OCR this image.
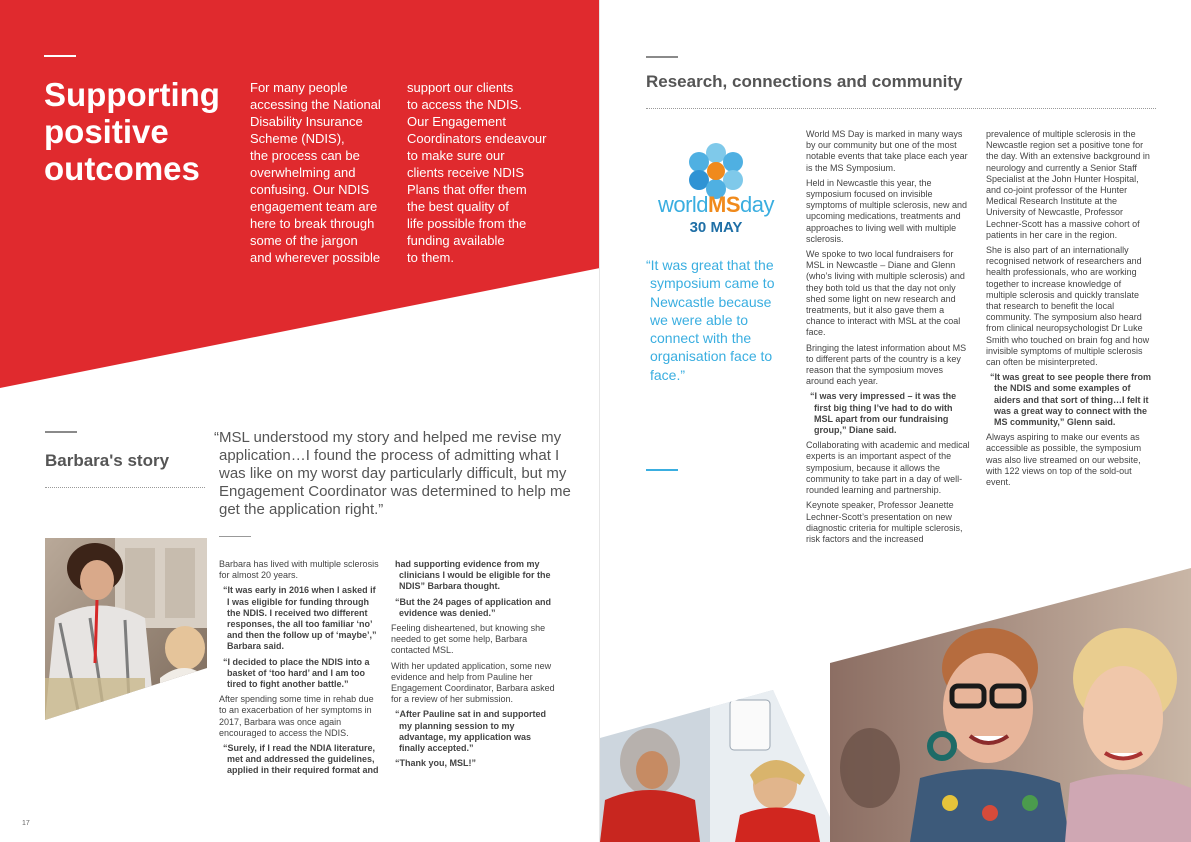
Supporting positive outcomes
For many people
accessing the National
Disability Insurance
Scheme (NDIS),
the process can be
overwhelming and
confusing. Our NDIS
engagement team are
here to break through
some of the jargon
and wherever possible
support our clients
to access the NDIS.
Our Engagement
Coordinators endeavour
to make sure our
clients receive NDIS
Plans that offer them
the best quality of
life possible from the
funding available
to them.
Barbara's story
“MSL understood my story and helped me revise my application…I found the process of admitting what I was like on my worst day particularly difficult, but my Engagement Coordinator was determined to help me get the application right.”

Barbara has lived with multiple sclerosis for almost 20 years.

“It was early in 2016 when I asked if I was eligible for funding through the NDIS. I received two different responses, the all too familiar ‘no’ and then the follow up of ‘maybe’,” Barbara said.

“I decided to place the NDIS into a basket of ‘too hard’ and I am too tired to fight another battle.”

After spending some time in rehab due to an exacerbation of her symptoms in 2017, Barbara was once again encouraged to access the NDIS.

“Surely, if I read the NDIA literature, met and addressed the guidelines, applied in their required format and

had supporting evidence from my clinicians I would be eligible for the NDIS” Barbara thought.

“But the 24 pages of application and evidence was denied.”

Feeling disheartened, but knowing she needed to get some help, Barbara contacted MSL.

With her updated application, some new evidence and help from Pauline her Engagement Coordinator, Barbara asked for a review of her submission.

“After Pauline sat in and supported my planning session to my advantage, my application was finally accepted.”

“Thank you, MSL!”

17
Research, connections and community

World MS Day is marked in many ways by our community but one of the most notable events that take place each year is the MS Symposium.

Held in Newcastle this year, the symposium focused on invisible symptoms of multiple sclerosis, new and upcoming medications, treatments and approaches to living well with multiple sclerosis.

We spoke to two local fundraisers for MSL in Newcastle – Diane and Glenn (who’s living with multiple sclerosis) and they both told us that the day not only shed some light on new research and treatments, but it also gave them a chance to interact with MSL at the coal face.

Bringing the latest information about MS to different parts of the country is a key reason that the symposium moves around each year.

“I was very impressed – it was the first big thing I’ve had to do with MSL apart from our fundraising group,” Diane said.

Collaborating with academic and medical experts is an important aspect of the symposium, because it allows the community to take part in a day of well-rounded learning and partnership.

Keynote speaker, Professor Jeanette Lechner-Scott’s presentation on new diagnostic criteria for multiple sclerosis, risk factors and the increased

prevalence of multiple sclerosis in the Newcastle region set a positive tone for the day. With an extensive background in neurology and currently a Senior Staff Specialist at the John Hunter Hospital, and co-joint professor of the Hunter Medical Research Institute at the University of Newcastle, Professor Lechner-Scott has a massive cohort of patients in her care in the region.

She is also part of an internationally recognised network of researchers and health professionals, who are working together to increase knowledge of multiple sclerosis and quickly translate that research to benefit the local community. The symposium also heard from clinical neuropsychologist Dr Luke Smith who touched on brain fog and how invisible symptoms of multiple sclerosis can often be misinterpreted.

“It was great to see people there from the NDIS and some examples of aiders and that sort of thing…I felt it was a great way to connect with the MS community,” Glenn said.

Always aspiring to make our events as accessible as possible, the symposium was also live streamed on our website, with 122 views on top of the sold-out event.

worldMSday
30 MAY
“It was great that the symposium came to Newcastle because we were able to connect with the organisation face to face.”
